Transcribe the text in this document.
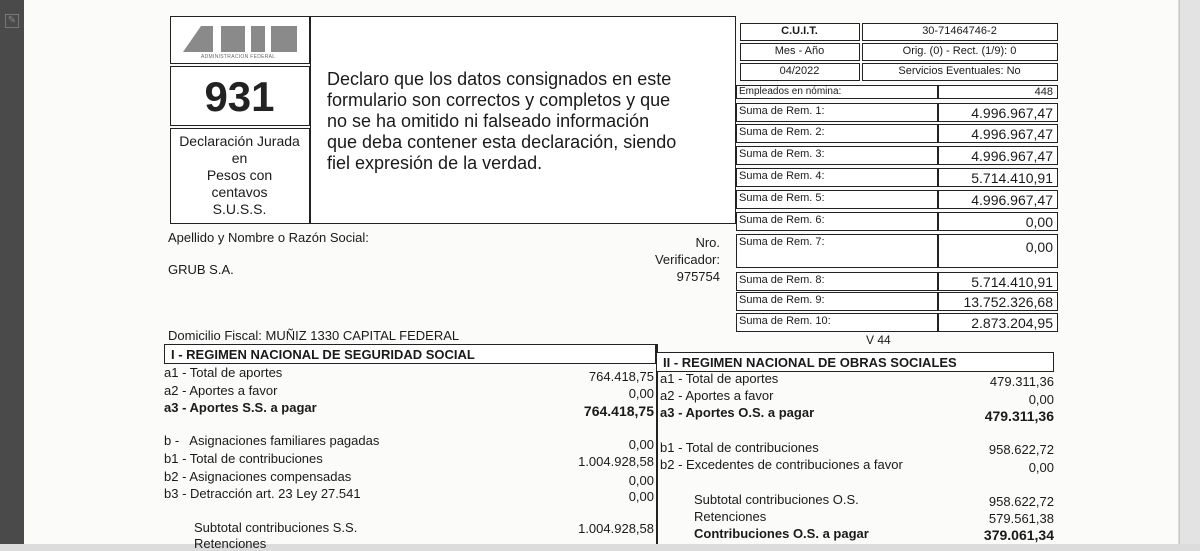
✎
ADMINISTRACION FEDERAL
931
Declaración Jurada
en
Pesos con
centavos
S.U.S.S.
Declaro que los datos consignados en este
formulario son correctos y completos y que
no se ha omitido ni falseado información
que deba contener esta declaración, siendo
fiel expresión de la verdad.
C.U.I.T.	30-71464746-2
Mes - Año	Orig. (0) - Rect. (1/9): 0
04/2022	Servicios Eventuales: No
Empleados en nómina:	448
Suma de Rem. 1:	4.996.967,47
Suma de Rem. 2:	4.996.967,47
Suma de Rem. 3:	4.996.967,47
Suma de Rem. 4:	5.714.410,91
Suma de Rem. 5:	4.996.967,47
Suma de Rem. 6:	0,00
Suma de Rem. 7:	0,00
Suma de Rem. 8:	5.714.410,91
Suma de Rem. 9:	13.752.326,68
Suma de Rem. 10:	2.873.204,95
Apellido y Nombre o Razón Social:
GRUB S.A.
Nro.
Verificador:
975754
Domicilio Fiscal: MUÑIZ 1330 CAPITAL FEDERAL	V 44
I - REGIMEN NACIONAL DE SEGURIDAD SOCIAL
a1 - Total de aportes	764.418,75
a2 - Aportes a favor	0,00
a3 - Aportes S.S. a pagar	764.418,75
b - Asignaciones familiares pagadas	0,00
b1 - Total de contribuciones	1.004.928,58
b2 - Asignaciones compensadas	0,00
b3 - Detracción art. 23 Ley 27.541	0,00
Subtotal contribuciones S.S.	1.004.928,58
Retenciones
II - REGIMEN NACIONAL DE OBRAS SOCIALES
a1 - Total de aportes	479.311,36
a2 - Aportes a favor	0,00
a3 - Aportes O.S. a pagar	479.311,36
b1 - Total de contribuciones	958.622,72
b2 - Excedentes de contribuciones a favor	0,00
Subtotal contribuciones O.S.	958.622,72
Retenciones	579.561,38
Contribuciones O.S. a pagar	379.061,34
